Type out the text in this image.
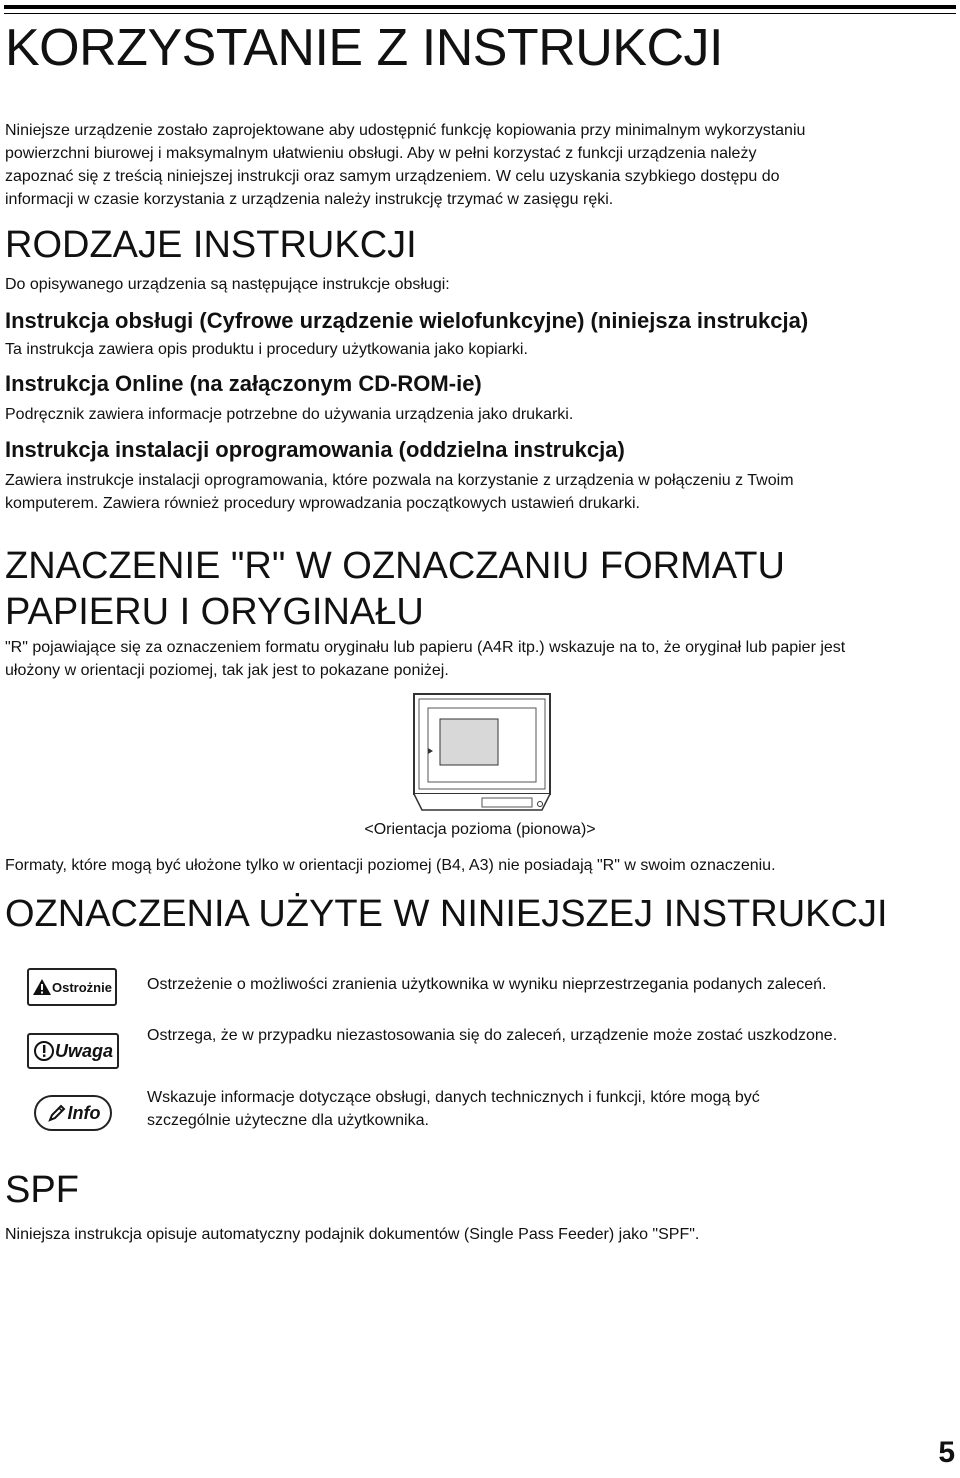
KORZYSTANIE Z INSTRUKCJI

Niniejsze urządzenie zostało zaprojektowane aby udostępnić funkcję kopiowania przy minimalnym wykorzystaniu

powierzchni biurowej i maksymalnym ułatwieniu obsługi. Aby w pełni korzystać z funkcji urządzenia należy

zapoznać się z treścią niniejszej instrukcji oraz samym urządzeniem. W celu uzyskania szybkiego dostępu do

informacji w czasie korzystania z urządzenia należy instrukcję trzymać w zasięgu ręki.

RODZAJE INSTRUKCJI

Do opisywanego urządzenia są następujące instrukcje obsługi:

Instrukcja obsługi (Cyfrowe urządzenie wielofunkcyjne) (niniejsza instrukcja)

Ta instrukcja zawiera opis produktu i procedury użytkowania jako kopiarki.

Instrukcja Online (na załączonym CD-ROM-ie)

Podręcznik zawiera informacje potrzebne do używania urządzenia jako drukarki.

Instrukcja instalacji oprogramowania (oddzielna instrukcja)

Zawiera instrukcje instalacji oprogramowania, które pozwala na korzystanie z urządzenia w połączeniu z Twoim

komputerem. Zawiera również procedury wprowadzania początkowych ustawień drukarki.

ZNACZENIE "R" W OZNACZANIU FORMATU
PAPIERU I ORYGINAŁU

"R" pojawiające się za oznaczeniem formatu oryginału lub papieru (A4R itp.) wskazuje na to, że oryginał lub papier jest

ułożony w orientacji poziomej, tak jak jest to pokazane poniżej.

<Orientacja pozioma (pionowa)>

Formaty, które mogą być ułożone tylko w orientacji poziomej (B4, A3) nie posiadają "R" w swoim oznaczeniu.

OZNACZENIA UŻYTE W NINIEJSZEJ INSTRUKCJI
Ostrożnie Ostrzeżenie o możliwości zranienia użytkownika w wyniku nieprzestrzegania podanych zaleceń.

Uwaga

Ostrzega, że w przypadku niezastosowania się do zaleceń, urządzenie może zostać uszkodzone.

Info

Wskazuje informacje dotyczące obsługi, danych technicznych i funkcji, które mogą być

szczególnie użyteczne dla użytkownika.

SPF

Niniejsza instrukcja opisuje automatyczny podajnik dokumentów (Single Pass Feeder) jako "SPF".

5
